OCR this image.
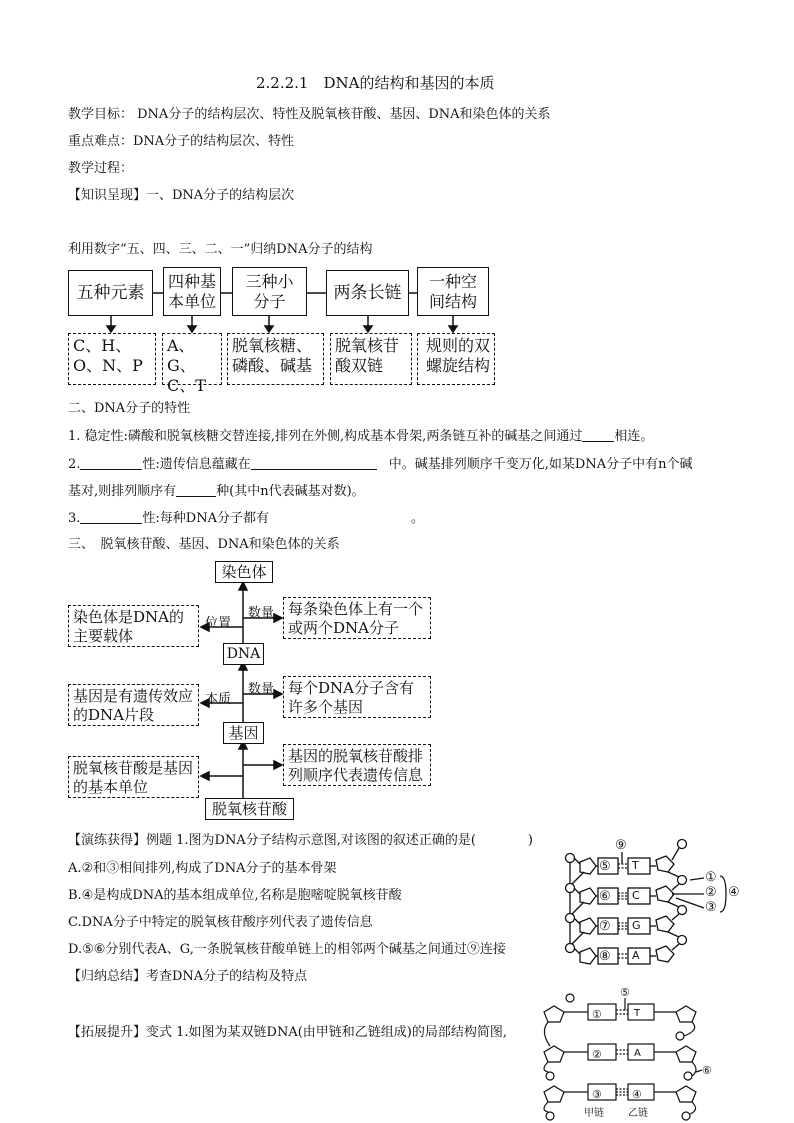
2.2.2.1　DNA的结构和基因的本质
教学目标： DNA分子的结构层次、特性及脱氧核苷酸、基因、DNA和染色体的关系
重点难点：DNA分子的结构层次、特性
教学过程：
【知识呈现】一、DNA分子的结构层次
利用数字“五、四、三、二、一”归纳DNA分子的结构
五种元素
四种基本单位
三种小分子	两条长链
一种空间结构
C、H、O、N、P
A、G、C、T
脱氧核糖、磷酸、碱基
脱氧核苷酸双链
规则的双螺旋结构
二、DNA分子的特性
1. 稳定性:磷酸和脱氧核糖交替连接,排列在外侧,构成基本骨架,两条链互补的碱基之间通过 相连。
2.	性:遗传信息蕴藏在	中。碱基排列顺序千变万化,如某DNA分子中有n个碱
基对,则排列顺序有	种(其中n代表碱基对数)。
3.	性:每种DNA分子都有	。
三、　脱氧核苷酸、基因、DNA和染色体的关系
染色体
DNA
基因
脱氧核苷酸
位置
数量
本质
数量
染色体是DNA的主要载体
基因是有遗传效应的DNA片段
脱氧核苷酸是基因的基本单位
每条染色体上有一个或两个DNA分子
每个DNA分子含有许多个基因
基因的脱氧核苷酸排列顺序代表遗传信息
【演练获得】例题 1.图为DNA分子结构示意图,对该图的叙述正确的是(　　　　)
A.②和③相间排列,构成了DNA分子的基本骨架
B.④是构成DNA的基本组成单位,名称是胞嘧啶脱氧核苷酸
C.DNA分子中特定的脱氧核苷酸序列代表了遗传信息
D.⑤⑥分别代表A、G,一条脱氧核苷酸单链上的相邻两个碱基之间通过⑨连接
【归纳总结】考查DNA分子的结构及特点
【拓展提升】变式 1.如图为某双链DNA(由甲链和乙链组成)的局部结构简图,
⑤
⑥
⑦
⑧
T
C
G
A
⑨
①
②
③
④
①
②
③
T
A
④
⑤
⑥
甲链 乙链
